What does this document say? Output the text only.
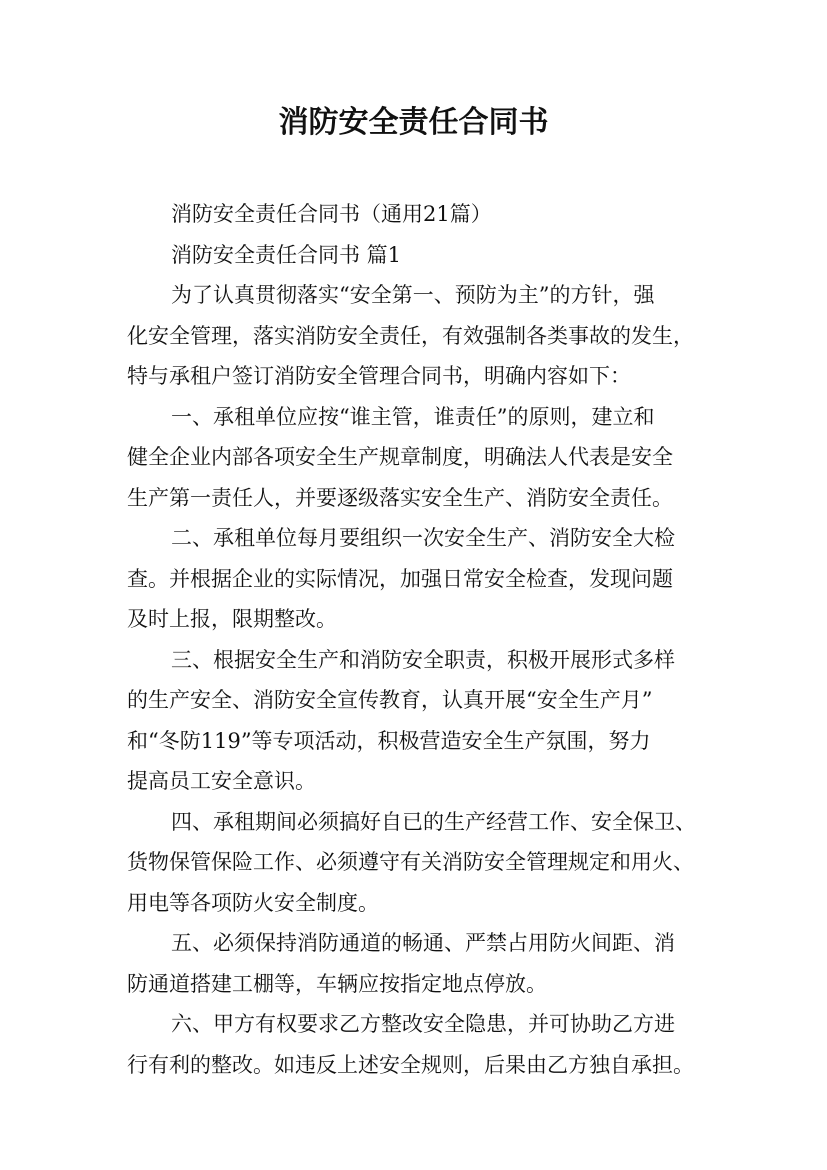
消防安全责任合同书
消防安全责任合同书（通用21篇）
消防安全责任合同书 篇1
为了认真贯彻落实“安全第一、预防为主”的方针，强
化安全管理，落实消防安全责任，有效强制各类事故的发生，
特与承租户签订消防安全管理合同书，明确内容如下：
一、承租单位应按“谁主管，谁责任”的原则，建立和
健全企业内部各项安全生产规章制度，明确法人代表是安全
生产第一责任人，并要逐级落实安全生产、消防安全责任。
二、承租单位每月要组织一次安全生产、消防安全大检
查。并根据企业的实际情况，加强日常安全检查，发现问题
及时上报，限期整改。
三、根据安全生产和消防安全职责，积极开展形式多样
的生产安全、消防安全宣传教育，认真开展“安全生产月”
和“冬防119”等专项活动，积极营造安全生产氛围，努力
提高员工安全意识。
四、承租期间必须搞好自已的生产经营工作、安全保卫、
货物保管保险工作、必须遵守有关消防安全管理规定和用火、
用电等各项防火安全制度。
五、必须保持消防通道的畅通、严禁占用防火间距、消
防通道搭建工棚等，车辆应按指定地点停放。
六、甲方有权要求乙方整改安全隐患，并可协助乙方进
行有利的整改。如违反上述安全规则，后果由乙方独自承担。
